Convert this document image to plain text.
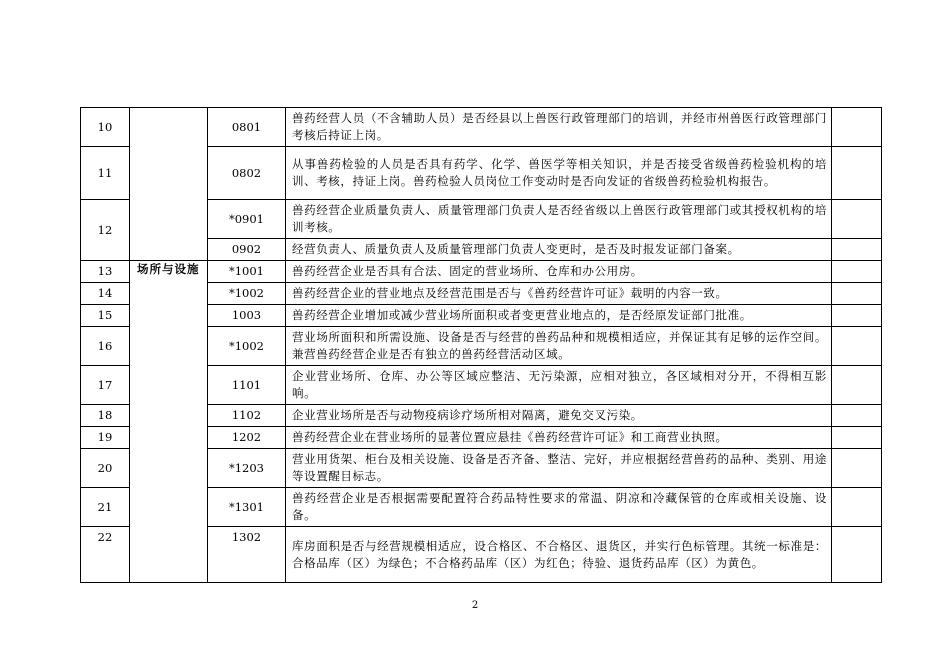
10		0801	兽药经营人员（不含辅助人员）是否经县以上兽医行政管理部门的培训，并经市州兽医行政管理部门考核后持证上岗。	
11		0802	从事兽药检验的人员是否具有药学、化学、兽医学等相关知识，并是否接受省级兽药检验机构的培训、考核，持证上岗。兽药检验人员岗位工作变动时是否向发证的省级兽药检验机构报告。	
12		*0901	兽药经营企业质量负责人、质量管理部门负责人是否经省级以上兽医行政管理部门或其授权机构的培训考核。	
		0902	经营负责人、质量负责人及质量管理部门负责人变更时，是否及时报发证部门备案。	
13	场所与设施	*1001	兽药经营企业是否具有合法、固定的营业场所、仓库和办公用房。	
14		*1002	兽药经营企业的营业地点及经营范围是否与《兽药经营许可证》载明的内容一致。	
15		1003	兽药经营企业增加或减少营业场所面积或者变更营业地点的，是否经原发证部门批准。	
16		*1002	营业场所面积和所需设施、设备是否与经营的兽药品种和规模相适应，并保证其有足够的运作空间。兼营兽药经营企业是否有独立的兽药经营活动区域。	
17		1101	企业营业场所、仓库、办公等区域应整洁、无污染源，应相对独立，各区域相对分开，不得相互影响。	
18		1102	企业营业场所是否与动物疫病诊疗场所相对隔离，避免交叉污染。	
19		1202	兽药经营企业在营业场所的显著位置应悬挂《兽药经营许可证》和工商营业执照。	
20		*1203	营业用货架、柜台及相关设施、设备是否齐备、整洁、完好，并应根据经营兽药的品种、类别、用途等设置醒目标志。	
21		*1301	兽药经营企业是否根据需要配置符合药品特性要求的常温、阴凉和冷藏保管的仓库或相关设施、设备。	
22		1302	库房面积是否与经营规模相适应，设合格区、不合格区、退货区，并实行色标管理。其统一标准是：合格品库（区）为绿色；不合格药品库（区）为红色；待验、退货药品库（区）为黄色。	
2
